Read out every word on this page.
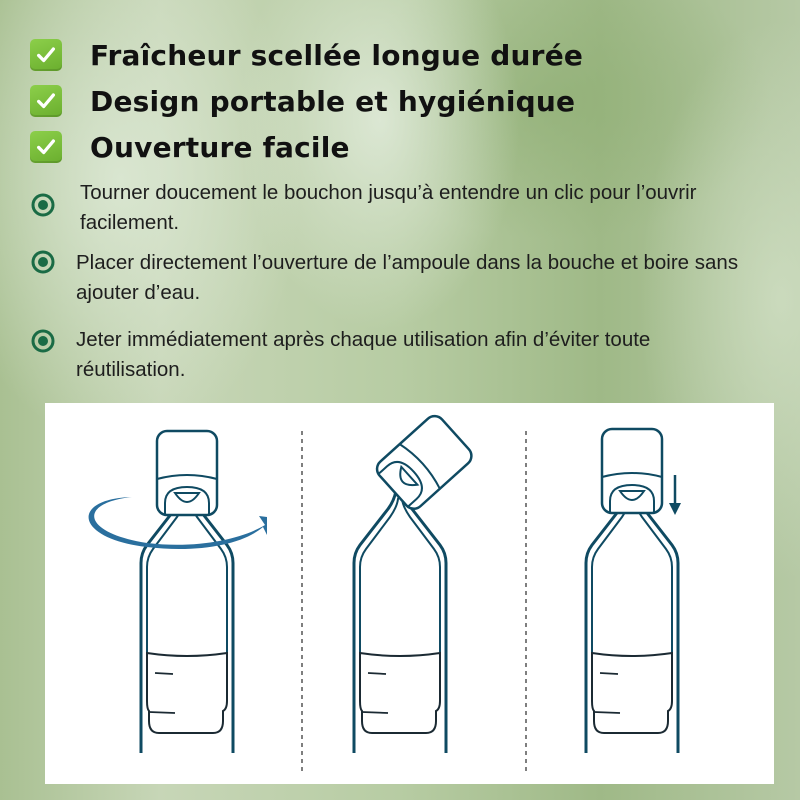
Fraîcheur scellée longue durée
Design portable et hygiénique
Ouverture facile
Tourner doucement le bouchon jusqu’à entendre un clic pour l’ouvrir facilement.
Placer directement l’ouverture de l’ampoule dans la bouche et boire sans ajouter d’eau.
Jeter immédiatement après chaque utilisation afin d’éviter toute réutilisation.
